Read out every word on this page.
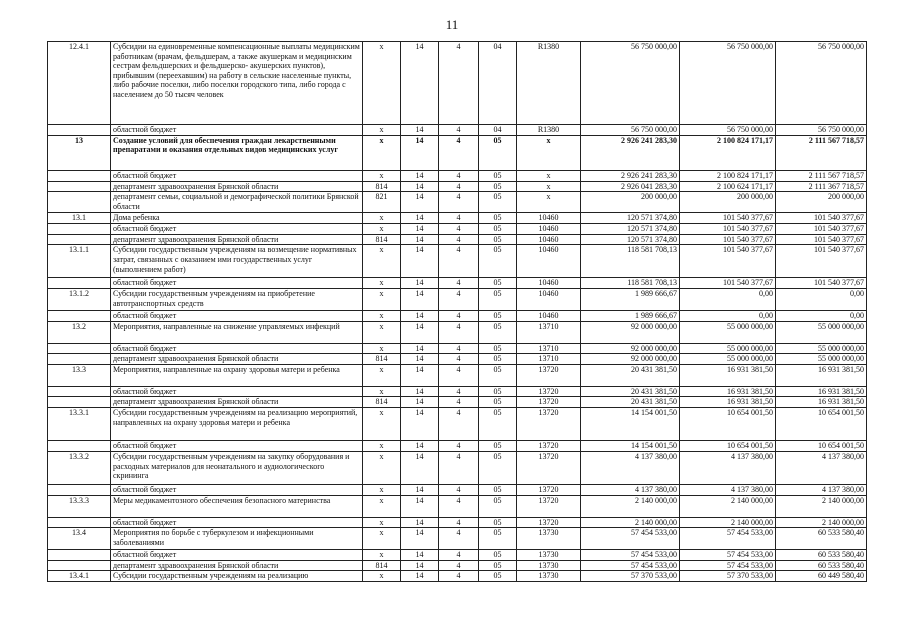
11
12.4.1	Субсидии на единовременные компенсационные выплаты медицинским работникам (врачам, фельдшерам, а также акушеркам и медицинским сестрам фельдшерских и фельдшерско- акушерских пунктов), прибывшим (переехавшим) на работу в сельские населенные пункты, либо рабочие поселки, либо поселки городского типа, либо города с населением до 50 тысяч человек	х	14	4	04	R1380	56 750 000,00	56 750 000,00	56 750 000,00
	областной бюджет	х	14	4	04	R1380	56 750 000,00	56 750 000,00	56 750 000,00
13	Создание условий для обеспечения граждан лекарственными препаратами и оказания отдельных видов медицинских услуг	х	14	4	05	х	2 926 241 283,30	2 100 824 171,17	2 111 567 718,57
	областной бюджет	х	14	4	05	х	2 926 241 283,30	2 100 824 171,17	2 111 567 718,57
	департамент здравоохранения Брянской области	814	14	4	05	х	2 926 041 283,30	2 100 624 171,17	2 111 367 718,57
	департамент семьи, социальной и демографической политики Брянской области	821	14	4	05	х	200 000,00	200 000,00	200 000,00
13.1	Дома ребенка	х	14	4	05	10460	120 571 374,80	101 540 377,67	101 540 377,67
	областной бюджет	х	14	4	05	10460	120 571 374,80	101 540 377,67	101 540 377,67
	департамент здравоохранения Брянской области	814	14	4	05	10460	120 571 374,80	101 540 377,67	101 540 377,67
13.1.1	Субсидии государственным учреждениям на возмещение нормативных затрат, связанных с оказанием ими государственных услуг (выполнением работ)	х	14	4	05	10460	118 581 708,13	101 540 377,67	101 540 377,67
	областной бюджет	х	14	4	05	10460	118 581 708,13	101 540 377,67	101 540 377,67
13.1.2	Субсидии государственным учреждениям на приобретение автотранспортных средств	х	14	4	05	10460	1 989 666,67	0,00	0,00
	областной бюджет	х	14	4	05	10460	1 989 666,67	0,00	0,00
13.2	Мероприятия, направленные на снижение управляемых инфекций	х	14	4	05	13710	92 000 000,00	55 000 000,00	55 000 000,00
	областной бюджет	х	14	4	05	13710	92 000 000,00	55 000 000,00	55 000 000,00
	департамент здравоохранения Брянской области	814	14	4	05	13710	92 000 000,00	55 000 000,00	55 000 000,00
13.3	Мероприятия, направленные на охрану здоровья матери и ребенка	х	14	4	05	13720	20 431 381,50	16 931 381,50	16 931 381,50
	областной бюджет	х	14	4	05	13720	20 431 381,50	16 931 381,50	16 931 381,50
	департамент здравоохранения Брянской области	814	14	4	05	13720	20 431 381,50	16 931 381,50	16 931 381,50
13.3.1	Субсидии государственным учреждениям на реализацию мероприятий, направленных на охрану здоровья матери и ребенка	х	14	4	05	13720	14 154 001,50	10 654 001,50	10 654 001,50
	областной бюджет	х	14	4	05	13720	14 154 001,50	10 654 001,50	10 654 001,50
13.3.2	Субсидии государственным учреждениям на закупку оборудования и расходных материалов для неонатального и аудиологического скрининга	х	14	4	05	13720	4 137 380,00	4 137 380,00	4 137 380,00
	областной бюджет	х	14	4	05	13720	4 137 380,00	4 137 380,00	4 137 380,00
13.3.3	Меры медикаментозного обеспечения безопасного материнства	х	14	4	05	13720	2 140 000,00	2 140 000,00	2 140 000,00
	областной бюджет	х	14	4	05	13720	2 140 000,00	2 140 000,00	2 140 000,00
13.4	Мероприятия по борьбе с туберкулезом и инфекционными заболеваниями	х	14	4	05	13730	57 454 533,00	57 454 533,00	60 533 580,40
	областной бюджет	х	14	4	05	13730	57 454 533,00	57 454 533,00	60 533 580,40
	департамент здравоохранения Брянской области	814	14	4	05	13730	57 454 533,00	57 454 533,00	60 533 580,40
13.4.1	Субсидии государственным учреждениям на реализацию	х	14	4	05	13730	57 370 533,00	57 370 533,00	60 449 580,40
